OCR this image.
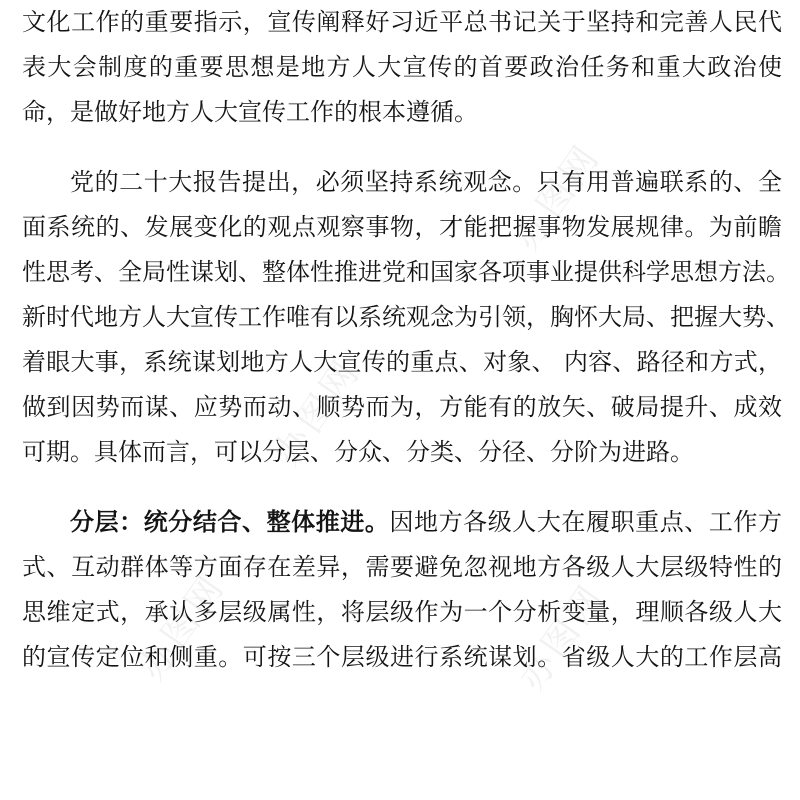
办图网
办图网
办图网
办图网
文化工作的重要指示，宣传阐释好习近平总书记关于坚持和完善人民代
表大会制度的重要思想是地方人大宣传的首要政治任务和重大政治使
命，是做好地方人大宣传工作的根本遵循。
党的二十大报告提出，必须坚持系统观念。只有用普遍联系的、全
面系统的、发展变化的观点观察事物，才能把握事物发展规律。为前瞻
性思考、全局性谋划、整体性推进党和国家各项事业提供科学思想方法。
新时代地方人大宣传工作唯有以系统观念为引领，胸怀大局、把握大势、
着眼大事，系统谋划地方人大宣传的重点、对象、 内容、路径和方式，
做到因势而谋、应势而动、顺势而为，方能有的放矢、破局提升、成效
可期。具体而言，可以分层、分众、分类、分径、分阶为进路。
分层：统分结合、整体推进。因地方各级人大在履职重点、工作方
式、互动群体等方面存在差异，需要避免忽视地方各级人大层级特性的
思维定式，承认多层级属性，将层级作为一个分析变量，理顺各级人大
的宣传定位和侧重。可按三个层级进行系统谋划。省级人大的工作层高
